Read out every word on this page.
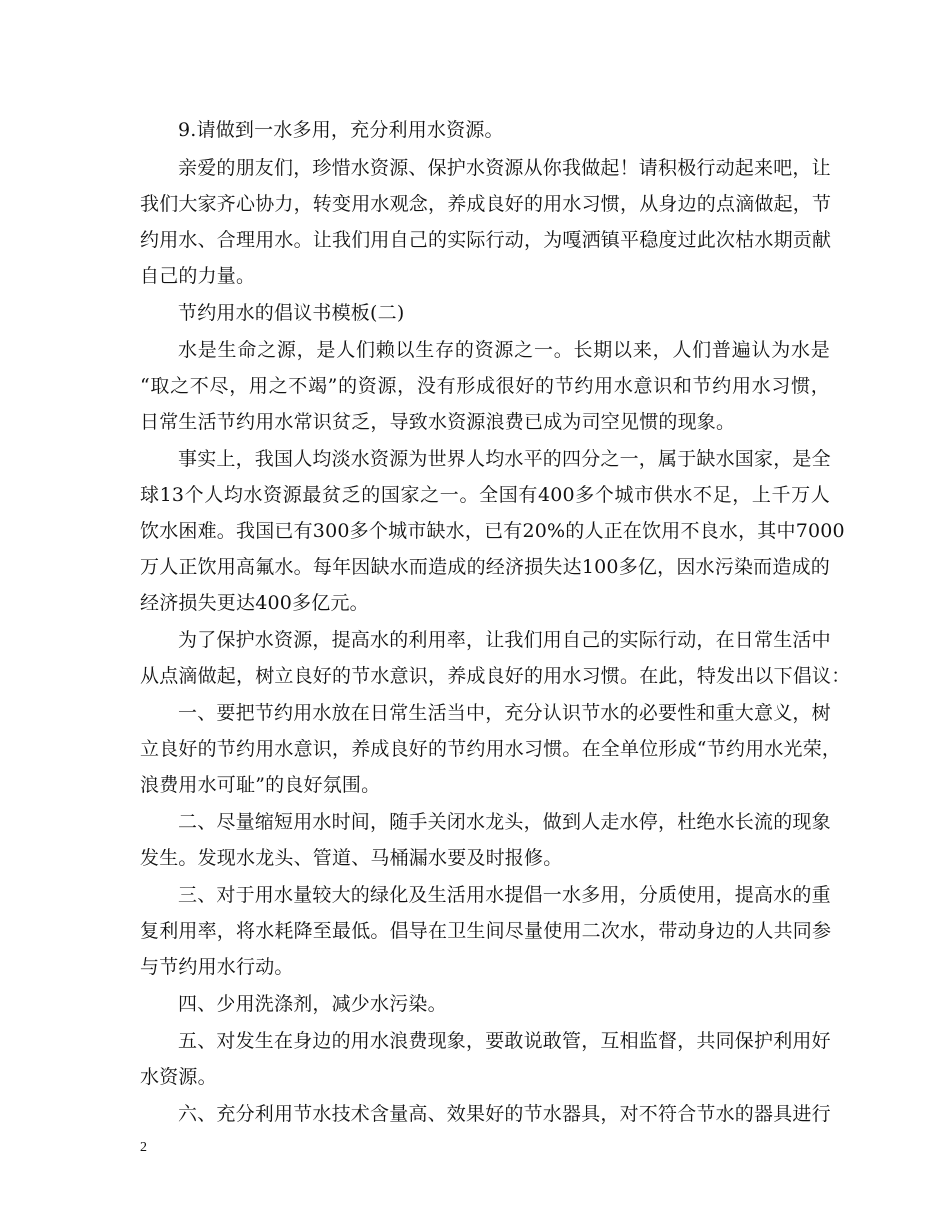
9.请做到一水多用，充分利用水资源。
亲爱的朋友们，珍惜水资源、保护水资源从你我做起！请积极行动起来吧，让
我们大家齐心协力，转变用水观念，养成良好的用水习惯，从身边的点滴做起，节
约用水、合理用水。让我们用自己的实际行动，为嘎洒镇平稳度过此次枯水期贡献
自己的力量。
节约用水的倡议书模板(二)
水是生命之源，是人们赖以生存的资源之一。长期以来，人们普遍认为水是
“取之不尽，用之不竭”的资源，没有形成很好的节约用水意识和节约用水习惯，
日常生活节约用水常识贫乏，导致水资源浪费已成为司空见惯的现象。
事实上，我国人均淡水资源为世界人均水平的四分之一，属于缺水国家，是全
球13个人均水资源最贫乏的国家之一。全国有400多个城市供水不足，上千万人
饮水困难。我国已有300多个城市缺水，已有20%的人正在饮用不良水，其中7000
万人正饮用高氟水。每年因缺水而造成的经济损失达100多亿，因水污染而造成的
经济损失更达400多亿元。
为了保护水资源，提高水的利用率，让我们用自己的实际行动，在日常生活中
从点滴做起，树立良好的节水意识，养成良好的用水习惯。在此，特发出以下倡议：
一、要把节约用水放在日常生活当中，充分认识节水的必要性和重大意义，树
立良好的节约用水意识，养成良好的节约用水习惯。在全单位形成“节约用水光荣，
浪费用水可耻”的良好氛围。
二、尽量缩短用水时间，随手关闭水龙头，做到人走水停，杜绝水长流的现象
发生。发现水龙头、管道、马桶漏水要及时报修。
三、对于用水量较大的绿化及生活用水提倡一水多用，分质使用，提高水的重
复利用率，将水耗降至最低。倡导在卫生间尽量使用二次水，带动身边的人共同参
与节约用水行动。
四、少用洗涤剂，减少水污染。
五、对发生在身边的用水浪费现象，要敢说敢管，互相监督，共同保护利用好
水资源。
六、充分利用节水技术含量高、效果好的节水器具，对不符合节水的器具进行
2
